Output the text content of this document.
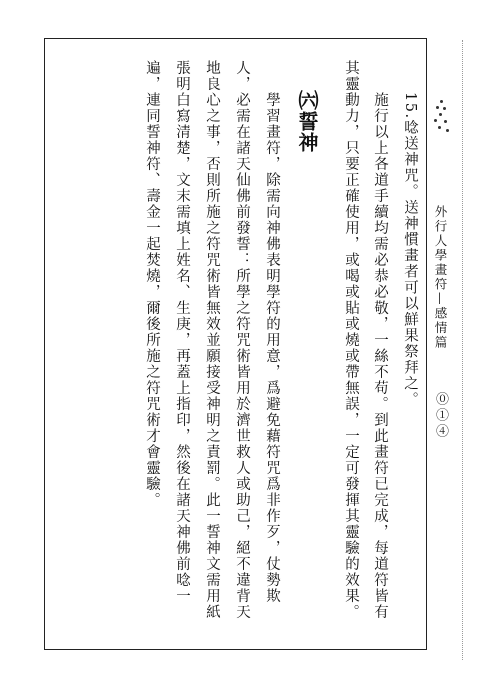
外行人學畫符—感情篇
⓪①④
15.唸送神咒。送神慣畫者可以鮮果祭拜之。
施行以上各道手續均需必恭必敬，一絲不苟。到此畫符已完成，每道符皆有
其靈動力，只要正確使用，或喝或貼或燒或帶無誤，一定可發揮其靈驗的效果。
㈥誓神
學習畫符，除需向神佛表明學符的用意，爲避免藉符咒爲非作歹，仗勢欺
人，必需在諸天仙佛前發誓：所學之符咒術皆用於濟世救人或助己，絕不違背天
地良心之事，否則所施之符咒術皆無效並願接受神明之責罰。此一誓神文需用紙
張明白寫清楚，文末需填上姓名、生庚，再蓋上指印，然後在諸天神佛前唸一
遍，連同誓神符、壽金一起焚燒，爾後所施之符咒術才會靈驗。
